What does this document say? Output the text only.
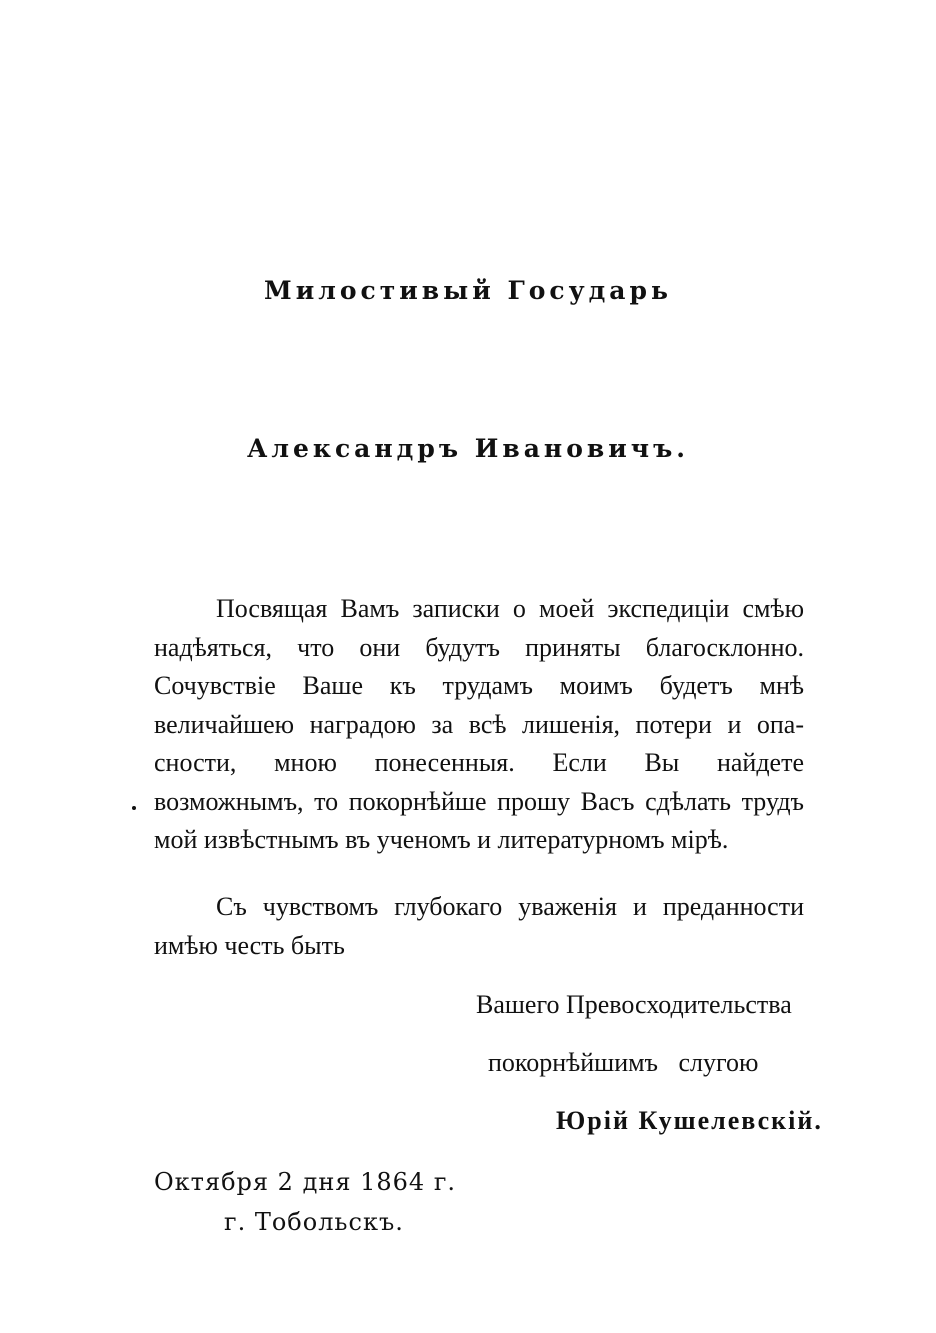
Милостивый Государь
Александръ Ивановичъ.
Посвящая Вамъ записки о моей экспедиціи смѣю надѣяться, что они будутъ приняты благосклонно. Сочувствіе Ваше къ трудамъ моимъ будетъ мнѣ величайшею наградою за всѣ лишенія, потери и опасности, мною понесенныя. Если Вы найдете возможнымъ, то покорнѣйше прошу Васъ сдѣлать трудъ мой извѣстнымъ въ ученомъ и литературномъ мірѣ.
Съ чувствомъ глубокаго уваженія и преданности имѣю честь быть
Вашего Превосходительства
покорнѣйшимъ слугою
Юрій Кушелевскій.
Октября 2 дня 1864 г.
г. Тобольскъ.
